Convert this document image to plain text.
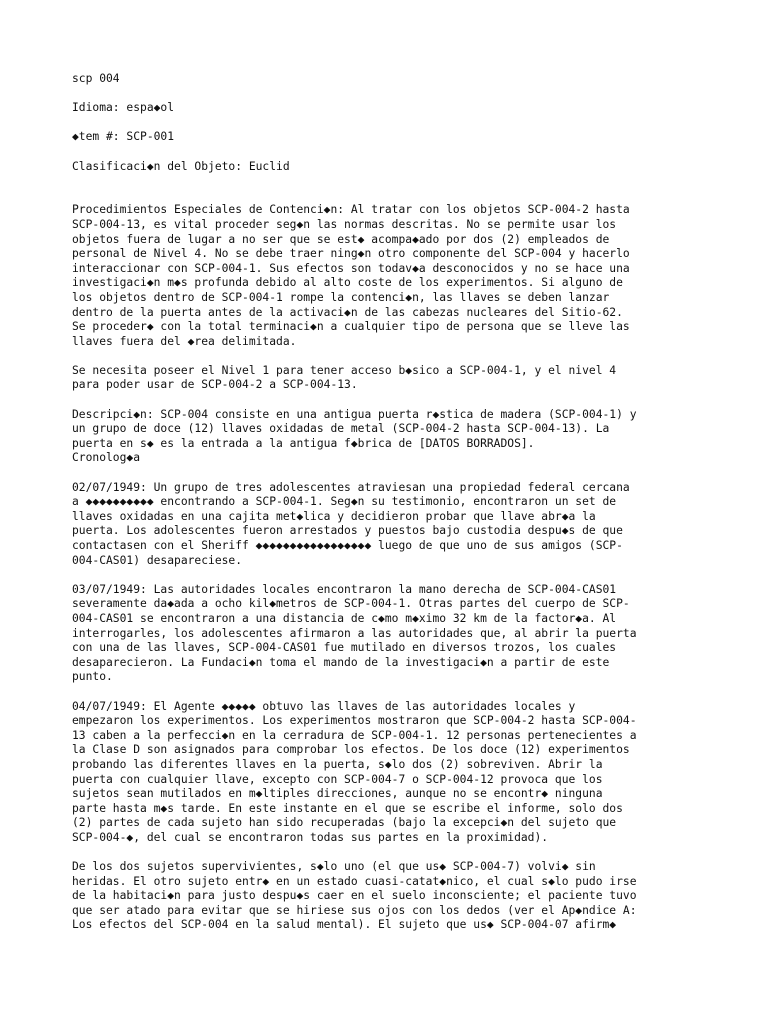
scp 004

Idioma: espa◆ol

◆tem #: SCP-001

Clasificaci◆n del Objeto: Euclid

Procedimientos Especiales de Contenci◆n: Al tratar con los objetos SCP-004-2 hasta
SCP-004-13, es vital proceder seg◆n las normas descritas. No se permite usar los
objetos fuera de lugar a no ser que se est◆ acompa◆ado por dos (2) empleados de
personal de Nivel 4. No se debe traer ning◆n otro componente del SCP-004 y hacerlo
interaccionar con SCP-004-1. Sus efectos son todav◆a desconocidos y no se hace una
investigaci◆n m◆s profunda debido al alto coste de los experimentos. Si alguno de
los objetos dentro de SCP-004-1 rompe la contenci◆n, las llaves se deben lanzar
dentro de la puerta antes de la activaci◆n de las cabezas nucleares del Sitio-62.
Se proceder◆ con la total terminaci◆n a cualquier tipo de persona que se lleve las
llaves fuera del ◆rea delimitada.

Se necesita poseer el Nivel 1 para tener acceso b◆sico a SCP-004-1, y el nivel 4
para poder usar de SCP-004-2 a SCP-004-13.

Descripci◆n: SCP-004 consiste en una antigua puerta r◆stica de madera (SCP-004-1) y
un grupo de doce (12) llaves oxidadas de metal (SCP-004-2 hasta SCP-004-13). La
puerta en s◆ es la entrada a la antigua f◆brica de [DATOS BORRADOS].
Cronolog◆a

02/07/1949: Un grupo de tres adolescentes atraviesan una propiedad federal cercana
a ◆◆◆◆◆◆◆◆◆◆ encontrando a SCP-004-1. Seg◆n su testimonio, encontraron un set de
llaves oxidadas en una cajita met◆lica y decidieron probar que llave abr◆a la
puerta. Los adolescentes fueron arrestados y puestos bajo custodia despu◆s de que
contactasen con el Sheriff ◆◆◆◆◆◆◆◆◆◆◆◆◆◆◆◆◆ luego de que uno de sus amigos (SCP-
004-CAS01) desapareciese.

03/07/1949: Las autoridades locales encontraron la mano derecha de SCP-004-CAS01
severamente da◆ada a ocho kil◆metros de SCP-004-1. Otras partes del cuerpo de SCP-
004-CAS01 se encontraron a una distancia de c◆mo m◆ximo 32 km de la factor◆a. Al
interrogarles, los adolescentes afirmaron a las autoridades que, al abrir la puerta
con una de las llaves, SCP-004-CAS01 fue mutilado en diversos trozos, los cuales
desaparecieron. La Fundaci◆n toma el mando de la investigaci◆n a partir de este
punto.

04/07/1949: El Agente ◆◆◆◆◆ obtuvo las llaves de las autoridades locales y
empezaron los experimentos. Los experimentos mostraron que SCP-004-2 hasta SCP-004-
13 caben a la perfecci◆n en la cerradura de SCP-004-1. 12 personas pertenecientes a
la Clase D son asignados para comprobar los efectos. De los doce (12) experimentos
probando las diferentes llaves en la puerta, s◆lo dos (2) sobreviven. Abrir la
puerta con cualquier llave, excepto con SCP-004-7 o SCP-004-12 provoca que los
sujetos sean mutilados en m◆ltiples direcciones, aunque no se encontr◆ ninguna
parte hasta m◆s tarde. En este instante en el que se escribe el informe, solo dos
(2) partes de cada sujeto han sido recuperadas (bajo la excepci◆n del sujeto que
SCP-004-◆, del cual se encontraron todas sus partes en la proximidad).

De los dos sujetos supervivientes, s◆lo uno (el que us◆ SCP-004-7) volvi◆ sin
heridas. El otro sujeto entr◆ en un estado cuasi-catat◆nico, el cual s◆lo pudo irse
de la habitaci◆n para justo despu◆s caer en el suelo inconsciente; el paciente tuvo
que ser atado para evitar que se hiriese sus ojos con los dedos (ver el Ap◆ndice A:
Los efectos del SCP-004 en la salud mental). El sujeto que us◆ SCP-004-07 afirm◆
